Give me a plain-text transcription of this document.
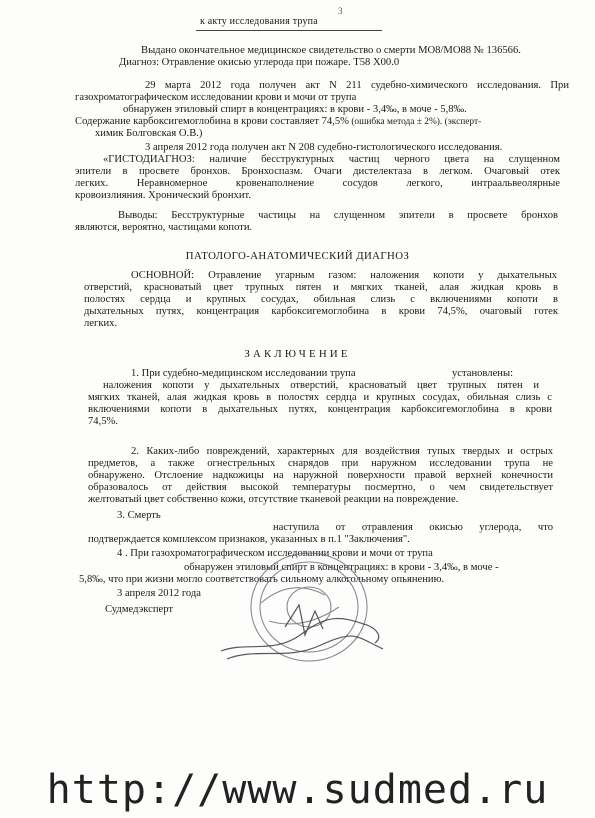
3
к акту исследования трупа

Выдано окончательное медицинское свидетельство о смерти МО8/МО88 № 136566.

Диагноз: Отравление окисью углерода при пожаре. Т58 Х00.0

29 марта 2012 года получен акт N 211 судебно-химического исследования. При

газохроматографическом исследовании крови и мочи от трупа

обнаружен этиловый спирт в концентрациях: в крови - 3,4‰, в моче - 5,8‰.

Содержание карбоксигемоглобина в крови составляет 74,5% (ошибка метода ± 2%). (эксперт-

химик Болговская О.В.)

3 апреля 2012 года получен акт N 208 судебно-гистологического исследования.

«ГИСТОДИАГНОЗ: наличие бесструктурных частиц черного цвета на слущенном

эпители в просвете бронхов. Бронхоспазм. Очаги дистелектаза в легком. Очаговый отек

легких. Неравномерное кровенаполнение сосудов легкого, интраальвеолярные

кровоизлияния. Хронический бронхит.

Выводы: Бесструктурные частицы на слущенном эпители в просвете бронхов

являются, вероятно, частицами копоти.

ПАТОЛОГО-АНАТОМИЧЕСКИЙ ДИАГНОЗ

ОСНОВНОЙ: Отравление угарным газом: наложения копоти у дыхательных

отверстий, красноватый цвет трупных пятен и мягких тканей, алая жидкая кровь в

полостях сердца и крупных сосудах, обильная слизь с включениями копоти в

дыхательных путях, концентрация карбоксигемоглобина в крови 74,5%, очаговый готек

легких.

ЗАКЛЮЧЕНИЕ

1. При судебно-медицинском исследовании трупа	установлены:

наложения копоти у дыхательных отверстий, красноватый цвет трупных пятен и

мягких тканей, алая жидкая кровь в полостях сердца и крупных сосудах, обильная слизь с

включениями копоти в дыхательных путях, концентрация карбоксигемоглобина в крови

74,5%.

2. Каких-либо повреждений, характерных для воздействия тупых твердых и острых

предметов, а также огнестрельных снарядов при наружном исследовании трупа не

обнаружено. Отслоение надкожицы на наружной поверхности правой верхней конечности

образовалось от действия высокой температуры посмертно, о чем свидетельствует

желтоватый цвет собственно кожи, отсутствие тканевой реакции на повреждение.

3. Смерть

наступила от отравления окисью углерода, что

подтверждается комплексом признаков, указанных в п.1 "Заключения".

4 . При газохроматографическом исследовании крови и мочи от трупа

обнаружен этиловый спирт в концентрациях: в крови - 3,4‰, в моче -

5,8‰, что при жизни могло соответствовать сильному алкогольному опьянению.

3 апреля 2012 года

Судмедэксперт

http://www.sudmed.ru
